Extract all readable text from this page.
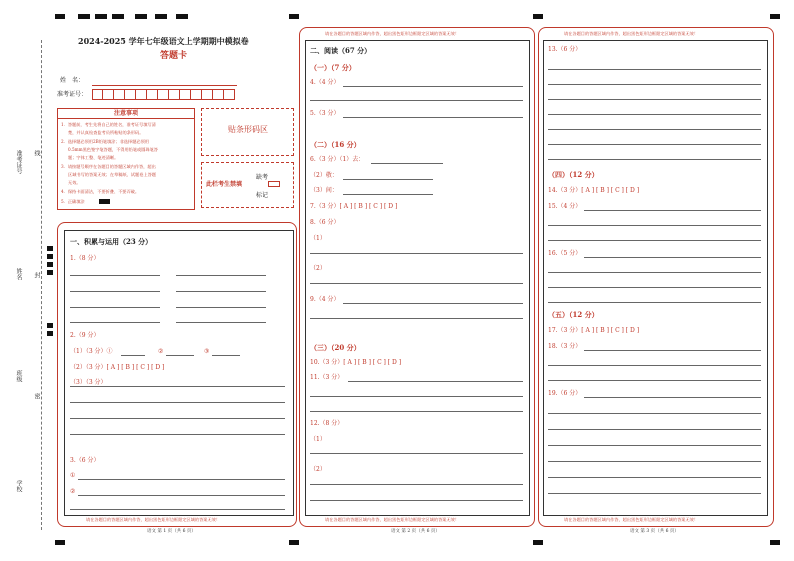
准考证号 线
姓名 封
班级
密
学校
2024-2025 学年七年级语文上学期期中模拟卷
答题卡
姓　名：
准考证号：
注意事项
1．答题前，考生先将自己的姓名，准考证号填写清
楚，并认真检查监考员所粘贴的条形码。
2．选择题必须用2B铅笔填涂；非选择题必须用
0.5mm黑色签字笔答题，不得用铅笔或圆珠笔答
题；字体工整、笔迹清晰。
3．请按题号顺序在各题目的答题区域内作答，超出
区域书写的答案无效；在草稿纸、试题卷上答题
无效。
4．保持卡面清洁，不要折叠、不要弄破。
5．正确填涂
贴条形码区
此栏考生禁填
缺考
标记
一、积累与运用（23 分）
1.（8 分）
2.（9 分）
（1）（3 分）①	②	③
（2）（3 分）[ A ] [ B ] [ C ] [ D ]
（3）（3 分）
3.（6 分）
①
②
请在各题目的答题区域内作答，超出黑色矩形边框限定区域的答案无效！
语文 第 1 页（共 6 页）
请在各题目的答题区域内作答，超出黑色矩形边框限定区域的答案无效！
二、阅读（67 分）
（一）（7 分）
4.（4 分）
5.（3 分）
（二）（16 分）
6.（3 分）（1）去：
（2）敬：
（3）间：
7.（3 分）[ A ] [ B ] [ C ] [ D ]
8.（6 分）
（1）
（2）
9.（4 分）
（三）（20 分）
10.（3 分）[ A ] [ B ] [ C ] [ D ]
11.（3 分）
12.（8 分）
（1）
（2）
请在各题目的答题区域内作答，超出黑色矩形边框限定区域的答案无效！
语文 第 2 页（共 6 页）
请在各题目的答题区域内作答，超出黑色矩形边框限定区域的答案无效！
13.（6 分）
（四）（12 分）
14.（3 分）[ A ] [ B ] [ C ] [ D ]
15.（4 分）
16.（5 分）
（五）（12 分）
17.（3 分）[ A ] [ B ] [ C ] [ D ]
18.（3 分）
19.（6 分）
请在各题目的答题区域内作答，超出黑色矩形边框限定区域的答案无效！
语文 第 3 页（共 6 页）
